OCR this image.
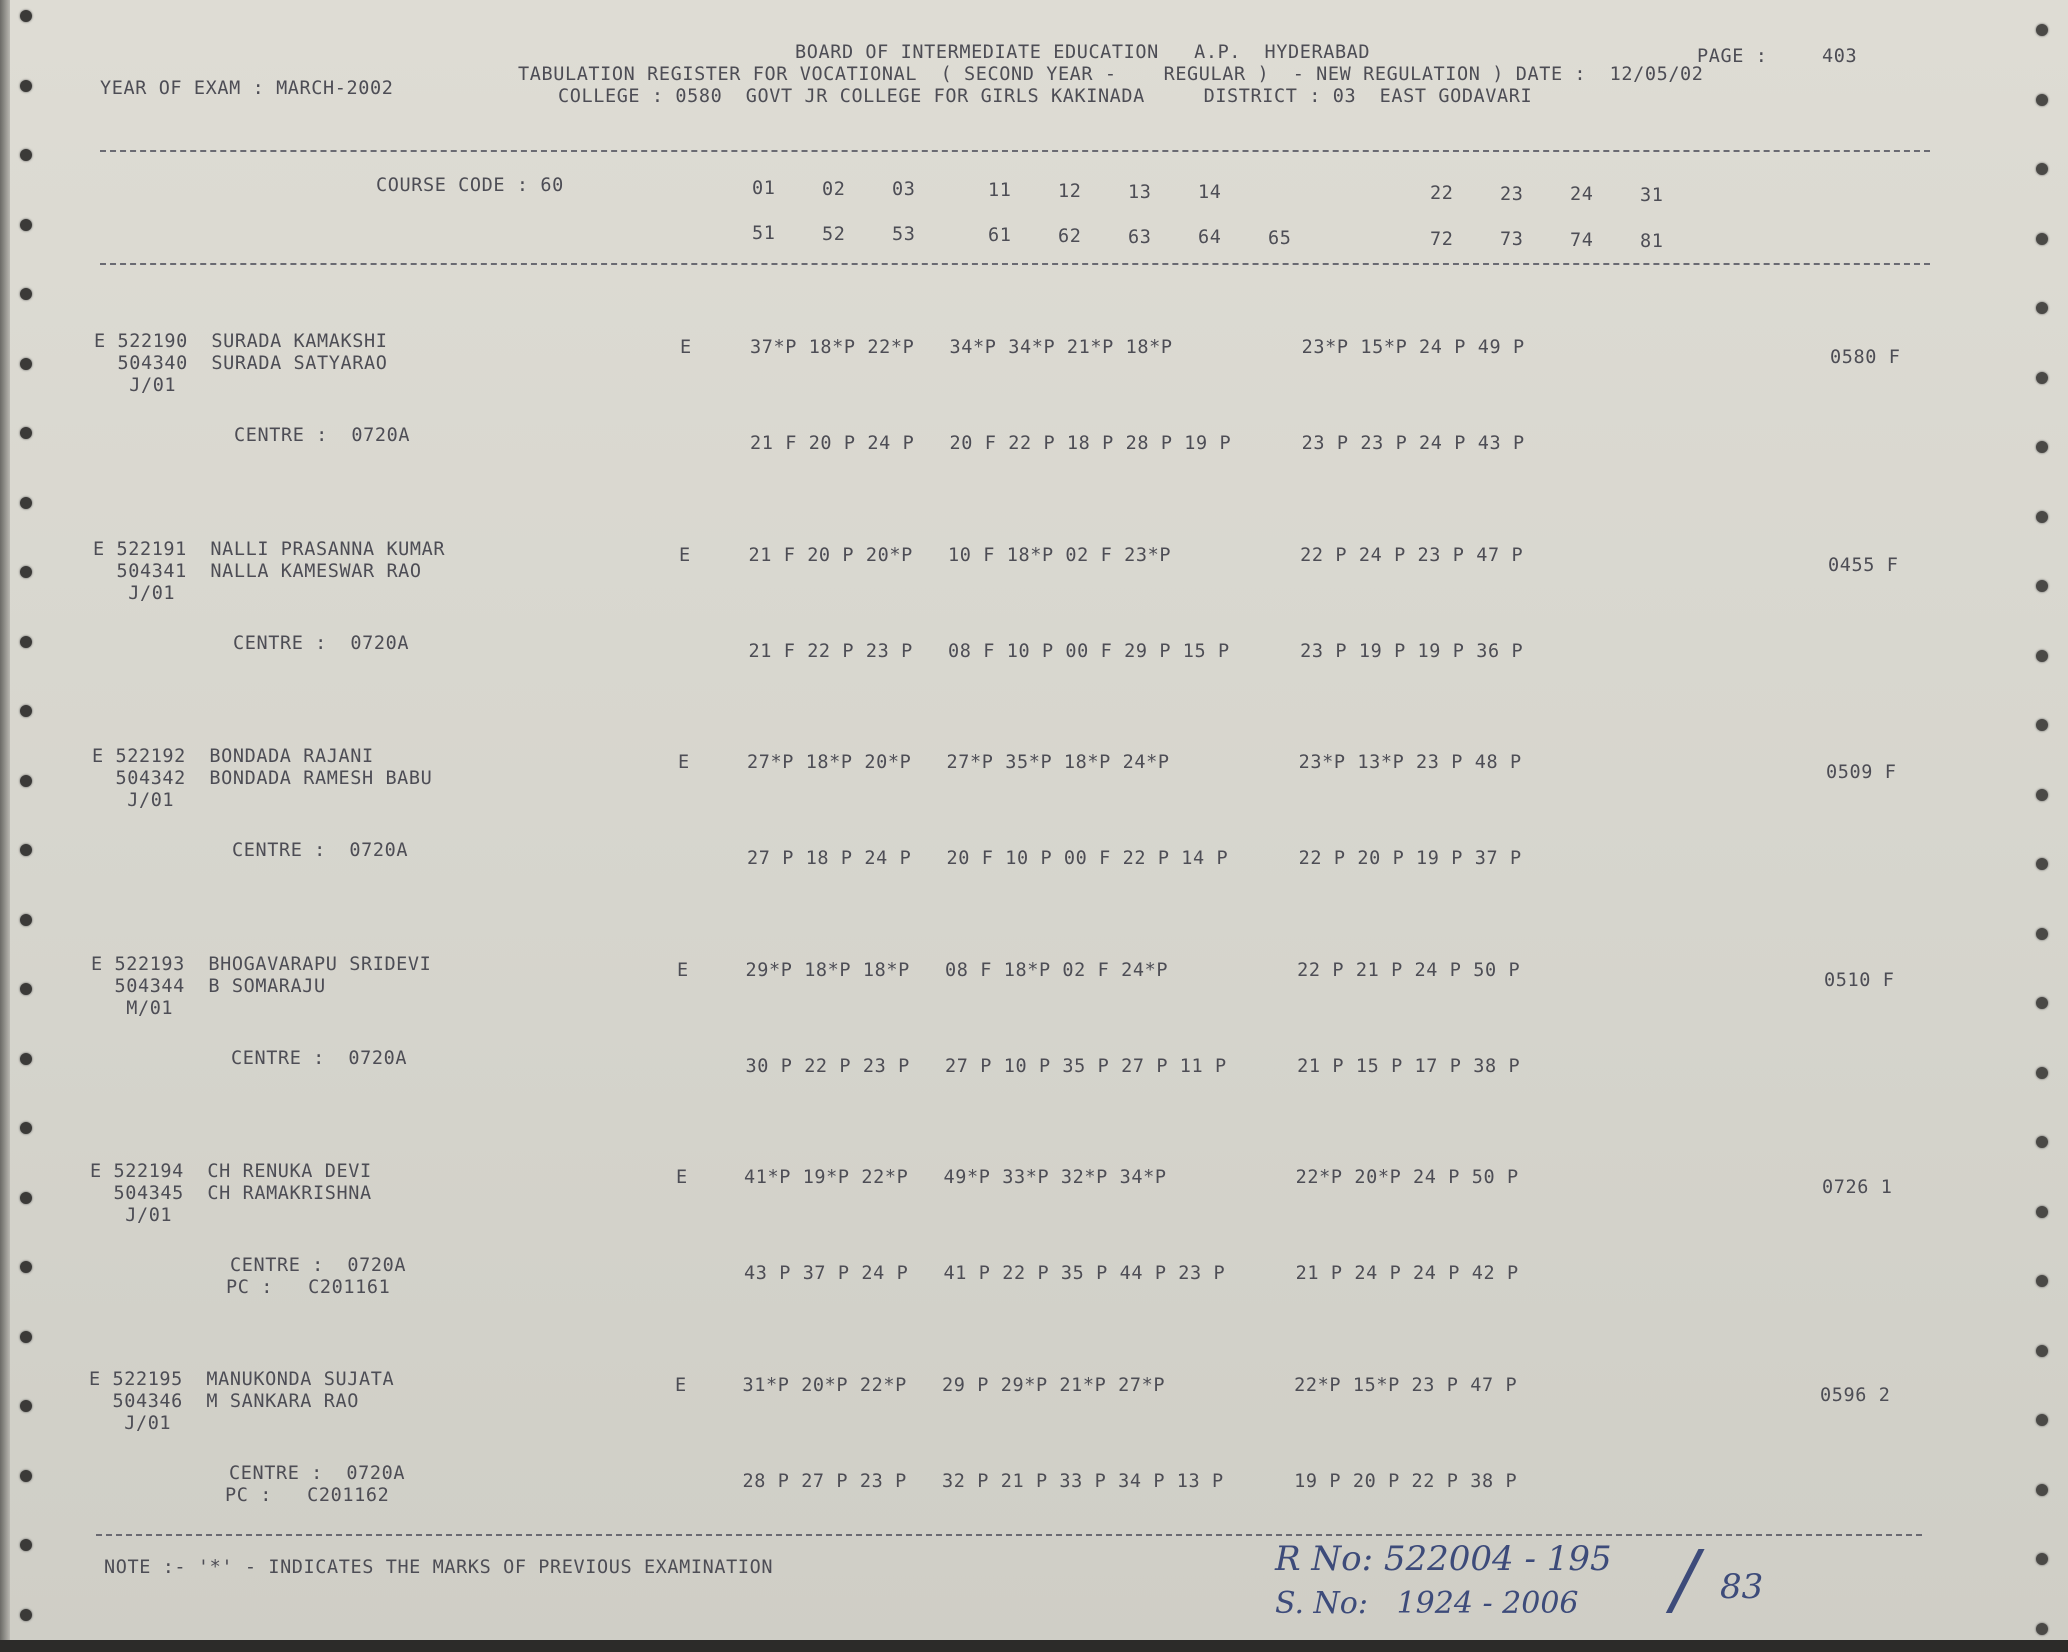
BOARD OF INTERMEDIATE EDUCATION   A.P.  HYDERABAD	PAGE :	403
YEAR OF EXAM : MARCH-2002
TABULATION REGISTER FOR VOCATIONAL  ( SECOND YEAR -    REGULAR )  - NEW REGULATION ) DATE :  12/05/02
COLLEGE : 0580  GOVT JR COLLEGE FOR GIRLS KAKINADA     DISTRICT : 03  EAST GODAVARI
COURSE CODE : 60	01	02	03	11	12	13	14	22	23	24	31
51	52	53	61	62	63	64	65	72	73	74	81
E 522190  SURADA KAMAKSHI
504340  SURADA SATYARAO
J/01
E	37*P 18*P 22*P   34*P 34*P 21*P 18*P           23*P 15*P 24 P 49 P	0580 F
CENTRE :  0720A	21 F 20 P 24 P   20 F 22 P 18 P 28 P 19 P      23 P 23 P 24 P 43 P
E 522191  NALLI PRASANNA KUMAR
504341  NALLA KAMESWAR RAO
J/01
E	21 F 20 P 20*P   10 F 18*P 02 F 23*P           22 P 24 P 23 P 47 P	0455 F
CENTRE :  0720A	21 F 22 P 23 P   08 F 10 P 00 F 29 P 15 P      23 P 19 P 19 P 36 P
E 522192  BONDADA RAJANI
504342  BONDADA RAMESH BABU
J/01
E	27*P 18*P 20*P   27*P 35*P 18*P 24*P           23*P 13*P 23 P 48 P	0509 F
CENTRE :  0720A	27 P 18 P 24 P   20 F 10 P 00 F 22 P 14 P      22 P 20 P 19 P 37 P
E 522193  BHOGAVARAPU SRIDEVI
504344  B SOMARAJU
M/01
E	29*P 18*P 18*P   08 F 18*P 02 F 24*P           22 P 21 P 24 P 50 P	0510 F
CENTRE :  0720A	30 P 22 P 23 P   27 P 10 P 35 P 27 P 11 P      21 P 15 P 17 P 38 P
E 522194  CH RENUKA DEVI
504345  CH RAMAKRISHNA
J/01
E	41*P 19*P 22*P   49*P 33*P 32*P 34*P           22*P 20*P 24 P 50 P	0726 1
CENTRE :  0720A
PC :   C201161
43 P 37 P 24 P   41 P 22 P 35 P 44 P 23 P      21 P 24 P 24 P 42 P
E 522195  MANUKONDA SUJATA
504346  M SANKARA RAO
J/01
E	31*P 20*P 22*P   29 P 29*P 21*P 27*P           22*P 15*P 23 P 47 P	0596 2
CENTRE :  0720A
PC :   C201162
28 P 27 P 23 P   32 P 21 P 33 P 34 P 13 P      19 P 20 P 22 P 38 P
NOTE :- '*' - INDICATES THE MARKS OF PREVIOUS EXAMINATION	R No: 522004 - 195
S. No:   1924 - 2006 / 83
